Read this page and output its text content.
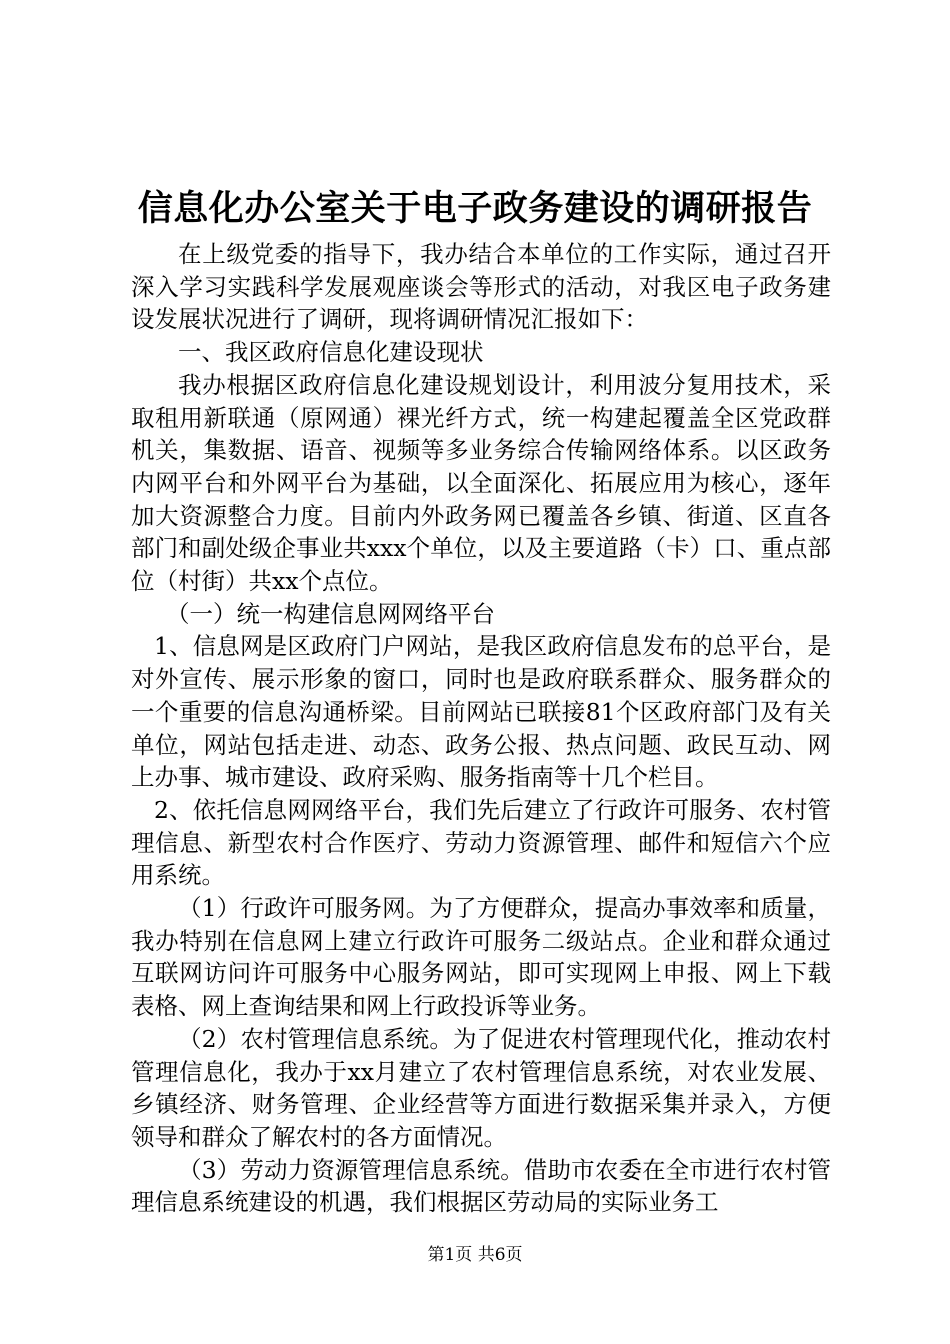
信息化办公室关于电子政务建设的调研报告

在上级党委的指导下，我办结合本单位的工作实际，通过召开深入学习实践科学发展观座谈会等形式的活动，对我区电子政务建设发展状况进行了调研，现将调研情况汇报如下：

一、我区政府信息化建设现状

我办根据区政府信息化建设规划设计，利用波分复用技术，采取租用新联通（原网通）裸光纤方式，统一构建起覆盖全区党政群机关，集数据、语音、视频等多业务综合传输网络体系。以区政务内网平台和外网平台为基础，以全面深化、拓展应用为核心，逐年加大资源整合力度。目前内外政务网已覆盖各乡镇、街道、区直各部门和副处级企事业共xxx个单位，以及主要道路（卡）口、重点部位（村街）共xx个点位。

（一）统一构建信息网网络平台

1、信息网是区政府门户网站，是我区政府信息发布的总平台，是对外宣传、展示形象的窗口，同时也是政府联系群众、服务群众的一个重要的信息沟通桥梁。目前网站已联接81个区政府部门及有关单位，网站包括走进、动态、政务公报、热点问题、政民互动、网上办事、城市建设、政府采购、服务指南等十几个栏目。

2、依托信息网网络平台，我们先后建立了行政许可服务、农村管理信息、新型农村合作医疗、劳动力资源管理、邮件和短信六个应用系统。

（1）行政许可服务网。为了方便群众，提高办事效率和质量，我办特别在信息网上建立行政许可服务二级站点。企业和群众通过互联网访问许可服务中心服务网站，即可实现网上申报、网上下载表格、网上查询结果和网上行政投诉等业务。

（2）农村管理信息系统。为了促进农村管理现代化，推动农村管理信息化，我办于xx月建立了农村管理信息系统，对农业发展、乡镇经济、财务管理、企业经营等方面进行数据采集并录入，方便领导和群众了解农村的各方面情况。

（3）劳动力资源管理信息系统。借助市农委在全市进行农村管理信息系统建设的机遇，我们根据区劳动局的实际业务工

第1页 共6页
